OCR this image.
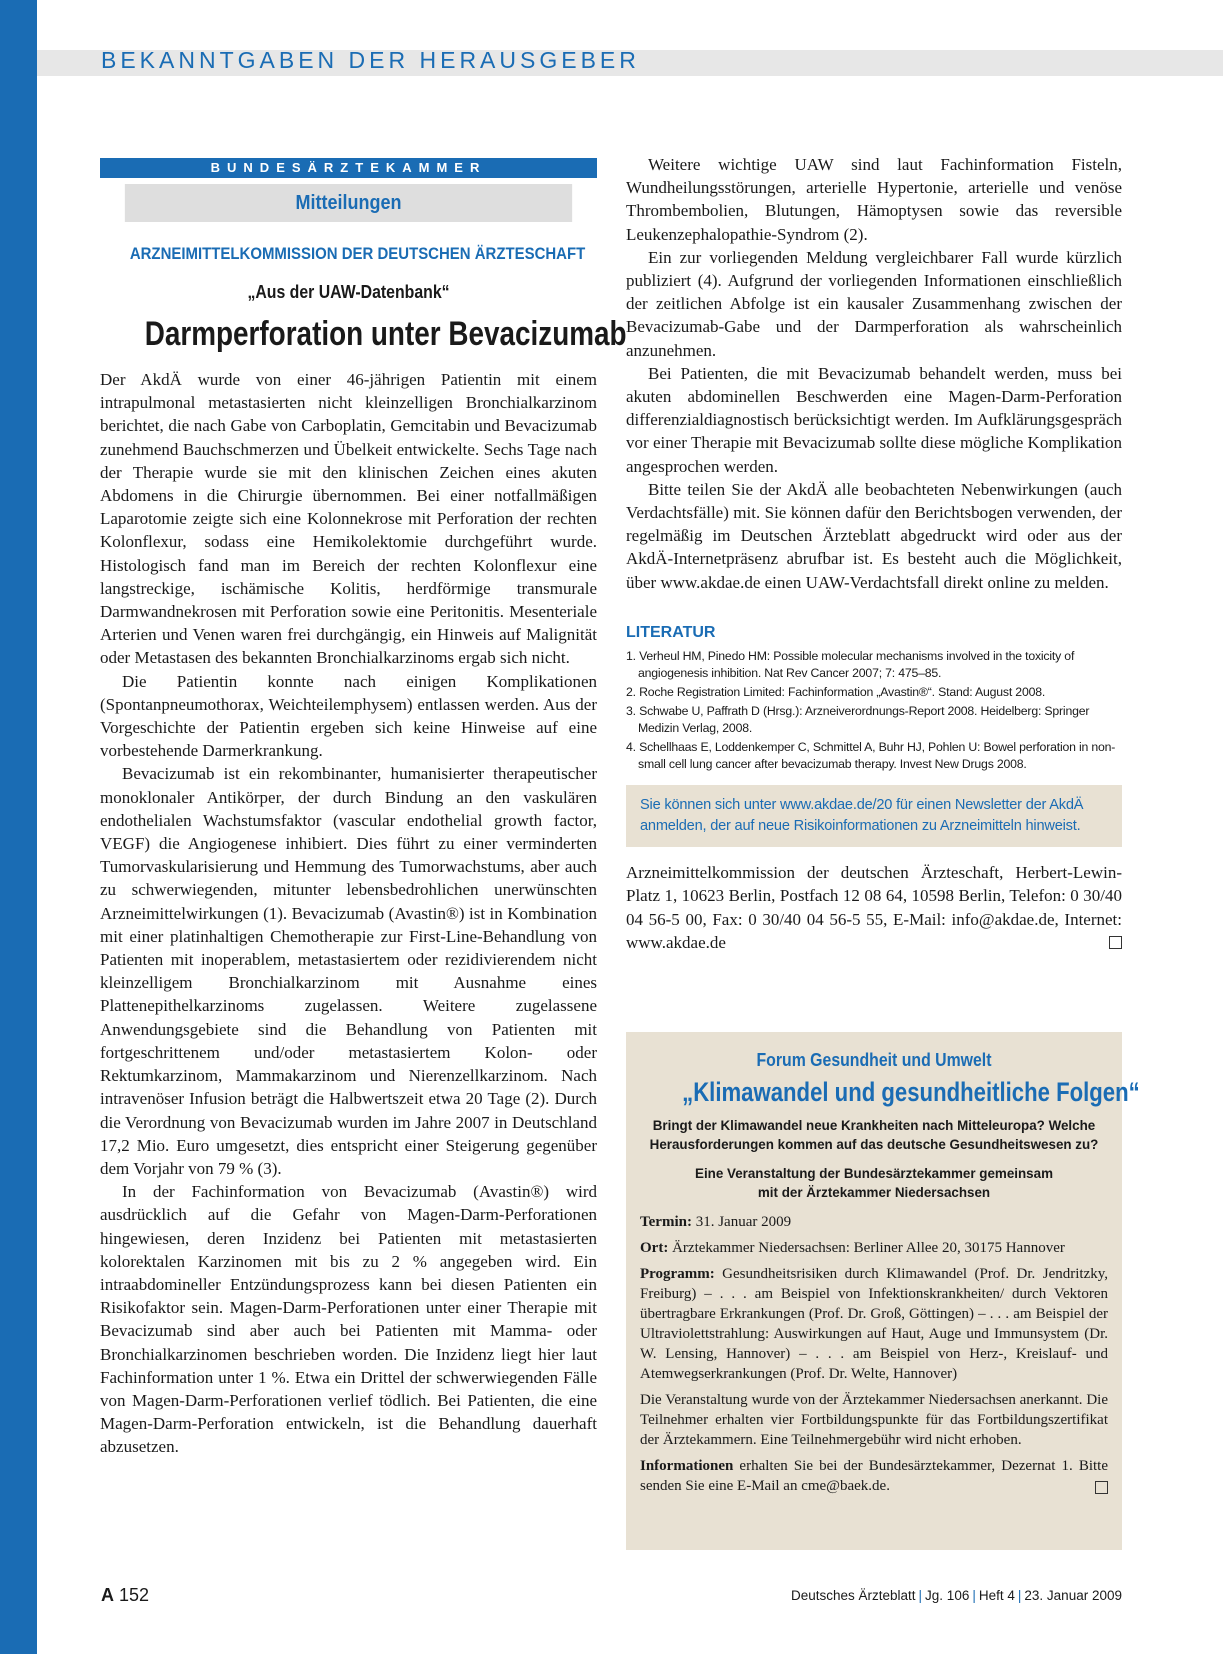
BEKANNTGABEN DER HERAUSGEBER
BUNDESÄRZTEKAMMER
Mitteilungen
ARZNEIMITTELKOMMISSION DER DEUTSCHEN ÄRZTESCHAFT
„Aus der UAW-Datenbank“
Darmperforation unter Bevacizumab

Der AkdÄ wurde von einer 46-jährigen Patientin mit einem intrapulmonal metastasierten nicht kleinzelligen Bronchialkarzinom berichtet, die nach Gabe von Carboplatin, Gemcitabin und Bevacizumab zunehmend Bauchschmerzen und Übelkeit entwickelte. Sechs Tage nach der Therapie wurde sie mit den klinischen Zeichen eines akuten Abdomens in die Chirurgie übernommen. Bei einer notfallmäßigen Laparotomie zeigte sich eine Kolonnekrose mit Perforation der rechten Kolonflexur, sodass eine Hemikolektomie durchgeführt wurde. Histologisch fand man im Bereich der rechten Kolonflexur eine langstreckige, ischämische Kolitis, herdförmige transmurale Darmwandnekrosen mit Perforation sowie eine Peritonitis. Mesenteriale Arterien und Venen waren frei durchgängig, ein Hinweis auf Malignität oder Metastasen des bekannten Bronchialkarzinoms ergab sich nicht.

Die Patientin konnte nach einigen Komplikationen (Spontanpneumothorax, Weichteilemphysem) entlassen werden. Aus der Vorgeschichte der Patientin ergeben sich keine Hinweise auf eine vorbestehende Darmerkrankung.

Bevacizumab ist ein rekombinanter, humanisierter therapeutischer monoklonaler Antikörper, der durch Bindung an den vaskulären endothelialen Wachstumsfaktor (vascular endothelial growth factor, VEGF) die Angiogenese inhibiert. Dies führt zu einer verminderten Tumorvaskularisierung und Hemmung des Tumorwachstums, aber auch zu schwerwiegenden, mitunter lebensbedrohlichen unerwünschten Arzneimittelwirkungen (1). Bevacizumab (Avastin®) ist in Kombination mit einer platinhaltigen Chemotherapie zur First-Line-Behandlung von Patienten mit inoperablem, metastasiertem oder rezidivierendem nicht kleinzelligem Bronchialkarzinom mit Ausnahme eines Plattenepithelkarzinoms zugelassen. Weitere zugelassene Anwendungsgebiete sind die Behandlung von Patienten mit fortgeschrittenem und/oder metastasiertem Kolon- oder Rektumkarzinom, Mammakarzinom und Nierenzellkarzinom. Nach intravenöser Infusion beträgt die Halbwertszeit etwa 20 Tage (2). Durch die Verordnung von Bevacizumab wurden im Jahre 2007 in Deutschland 17,2 Mio. Euro umgesetzt, dies entspricht einer Steigerung gegenüber dem Vorjahr von 79 % (3).

In der Fachinformation von Bevacizumab (Avastin®) wird ausdrücklich auf die Gefahr von Magen-Darm-Perforationen hingewiesen, deren Inzidenz bei Patienten mit metastasierten kolorektalen Karzinomen mit bis zu 2 % angegeben wird. Ein intraabdomineller Entzündungsprozess kann bei diesen Patienten ein Risikofaktor sein. Magen-Darm-Perforationen unter einer Therapie mit Bevacizumab sind aber auch bei Patienten mit Mamma- oder Bronchialkarzinomen beschrieben worden. Die Inzidenz liegt hier laut Fachinformation unter 1 %. Etwa ein Drittel der schwerwiegenden Fälle von Magen-Darm-Perforationen verlief tödlich. Bei Patienten, die eine Magen-Darm-Perforation entwickeln, ist die Behandlung dauerhaft abzusetzen.

Weitere wichtige UAW sind laut Fachinformation Fisteln, Wundheilungsstörungen, arterielle Hypertonie, arterielle und venöse Thrombembolien, Blutungen, Hämoptysen sowie das reversible Leukenzephalopathie-Syndrom (2).

Ein zur vorliegenden Meldung vergleichbarer Fall wurde kürzlich publiziert (4). Aufgrund der vorliegenden Informationen einschließlich der zeitlichen Abfolge ist ein kausaler Zusammenhang zwischen der Bevacizumab-Gabe und der Darmperforation als wahrscheinlich anzunehmen.

Bei Patienten, die mit Bevacizumab behandelt werden, muss bei akuten abdominellen Beschwerden eine Magen-Darm-Perforation differenzialdiagnostisch berücksichtigt werden. Im Aufklärungsgespräch vor einer Therapie mit Bevacizumab sollte diese mögliche Komplikation angesprochen werden.

Bitte teilen Sie der AkdÄ alle beobachteten Nebenwirkungen (auch Verdachtsfälle) mit. Sie können dafür den Berichtsbogen verwenden, der regelmäßig im Deutschen Ärzteblatt abgedruckt wird oder aus der AkdÄ-Internetpräsenz abrufbar ist. Es besteht auch die Möglichkeit, über www.akdae.de einen UAW-Verdachtsfall direkt online zu melden.

LITERATUR
1. Verheul HM, Pinedo HM: Possible molecular mechanisms involved in the toxicity of angiogenesis inhibition. Nat Rev Cancer 2007; 7: 475–85.
2. Roche Registration Limited: Fachinformation „Avastin®“. Stand: August 2008.
3. Schwabe U, Paffrath D (Hrsg.): Arzneiverordnungs-Report 2008. Heidelberg: Springer Medizin Verlag, 2008.
4. Schellhaas E, Loddenkemper C, Schmittel A, Buhr HJ, Pohlen U: Bowel perforation in non-small cell lung cancer after bevacizumab therapy. Invest New Drugs 2008.
Sie können sich unter www.akdae.de/20 für einen Newsletter der AkdÄ anmelden, der auf neue Risikoinformationen zu Arzneimitteln hinweist.
Arzneimittelkommission der deutschen Ärzteschaft, Herbert-Lewin-Platz 1, 10623 Berlin, Postfach 12 08 64, 10598 Berlin, Telefon: 0 30/40 04 56-5 00, Fax: 0 30/40 04 56-5 55, E-Mail: info@akdae.de, Internet: www.akdae.de
Forum Gesundheit und Umwelt
„Klimawandel und gesundheitliche Folgen“
Bringt der Klimawandel neue Krankheiten nach Mitteleuropa? Welche Herausforderungen kommen auf das deutsche Gesundheitswesen zu?
Eine Veranstaltung der Bundesärztekammer gemeinsam
mit der Ärztekammer Niedersachsen

Termin: 31. Januar 2009

Ort: Ärztekammer Niedersachsen: Berliner Allee 20, 30175 Hannover

Programm: Gesundheitsrisiken durch Klimawandel (Prof. Dr. Jendritzky, Freiburg) – . . . am Beispiel von Infektionskrankheiten/ durch Vektoren übertragbare Erkrankungen (Prof. Dr. Groß, Göttingen) – . . . am Beispiel der Ultraviolettstrahlung: Auswirkungen auf Haut, Auge und Immunsystem (Dr. W. Lensing, Hannover) – . . . am Beispiel von Herz-, Kreislauf- und Atemwegserkrankungen (Prof. Dr. Welte, Hannover)

Die Veranstaltung wurde von der Ärztekammer Niedersachsen anerkannt. Die Teilnehmer erhalten vier Fortbildungspunkte für das Fortbildungszertifikat der Ärztekammern. Eine Teilnehmergebühr wird nicht erhoben.

Informationen erhalten Sie bei der Bundesärztekammer, Dezernat 1. Bitte senden Sie eine E-Mail an cme@baek.de.

A 152	Deutsches Ärzteblatt | Jg. 106 | Heft 4 | 23. Januar 2009
